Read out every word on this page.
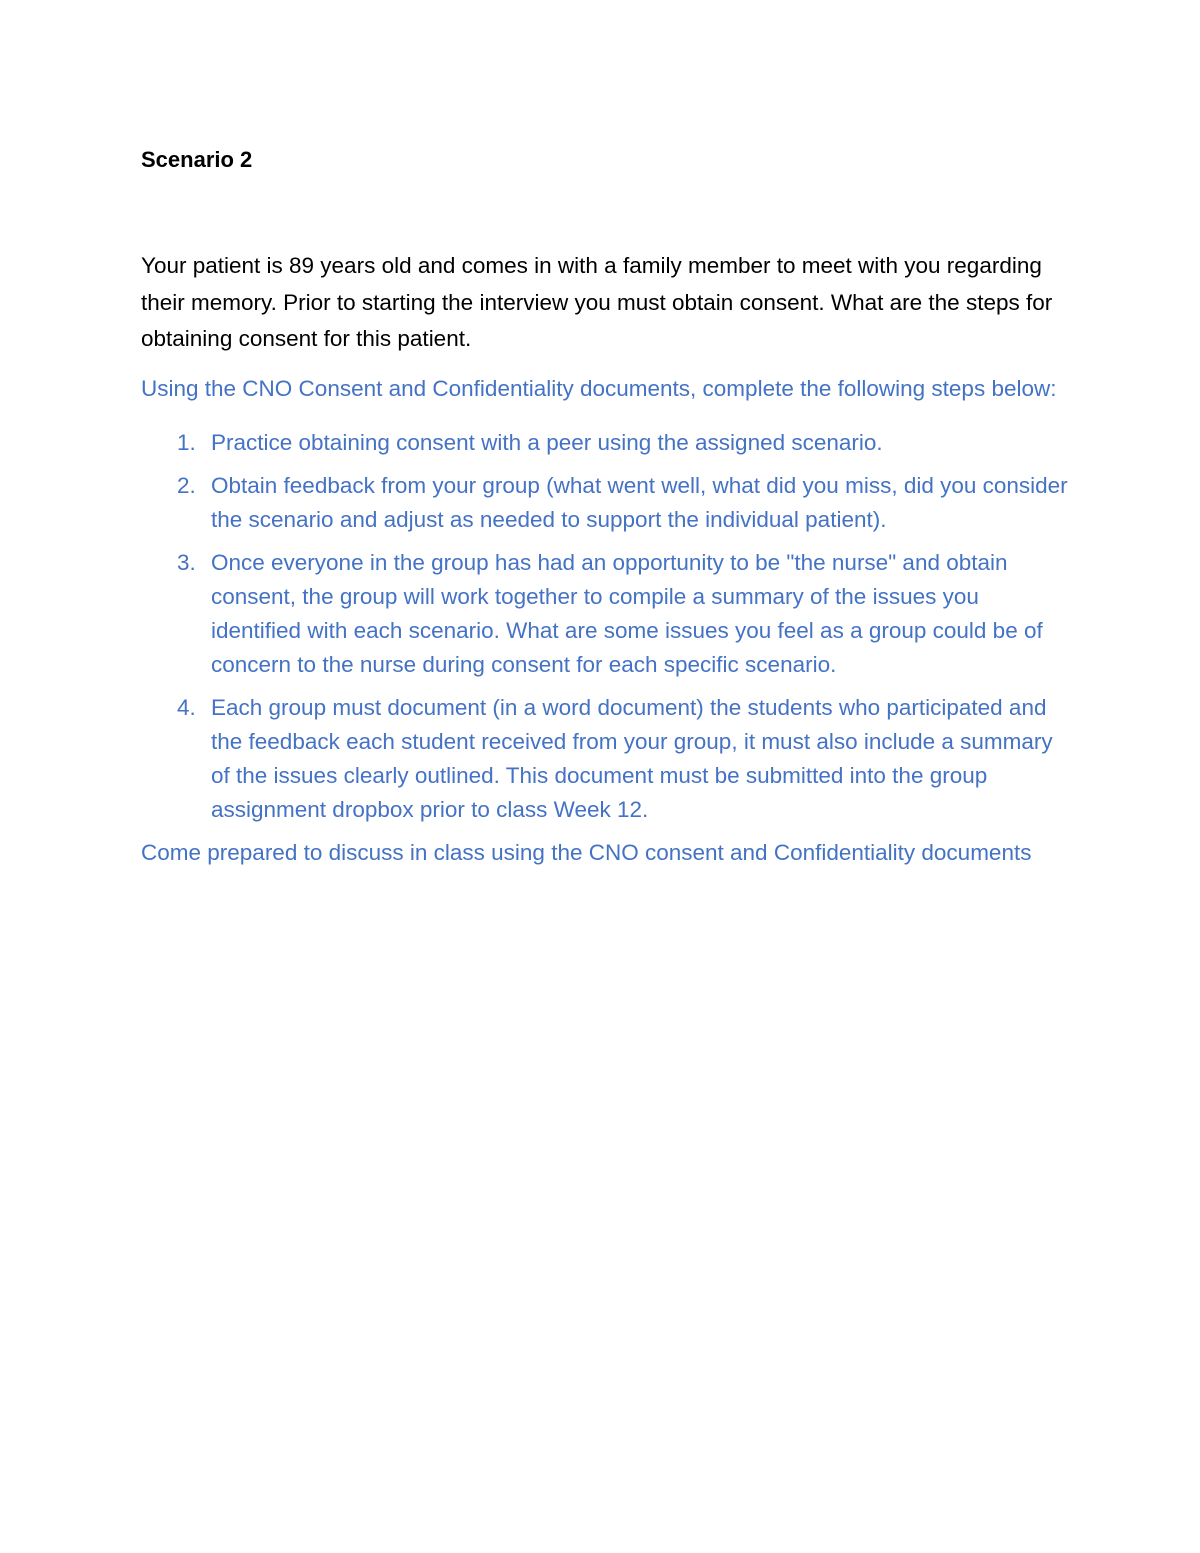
Scenario 2

Your patient is 89 years old and comes in with a family member to meet with you regarding their memory. Prior to starting the interview you must obtain consent. What are the steps for obtaining consent for this patient.

Using the CNO Consent and Confidentiality documents, complete the following steps below:

1. Practice obtaining consent with a peer using the assigned scenario.
2. Obtain feedback from your group (what went well, what did you miss, did you consider the scenario and adjust as needed to support the individual patient).
3. Once everyone in the group has had an opportunity to be "the nurse" and obtain consent, the group will work together to compile a summary of the issues you identified with each scenario. What are some issues you feel as a group could be of concern to the nurse during consent for each specific scenario.
4. Each group must document (in a word document) the students who participated and the feedback each student received from your group, it must also include a summary of the issues clearly outlined. This document must be submitted into the group assignment dropbox prior to class Week 12.

Come prepared to discuss in class using the CNO consent and Confidentiality documents
